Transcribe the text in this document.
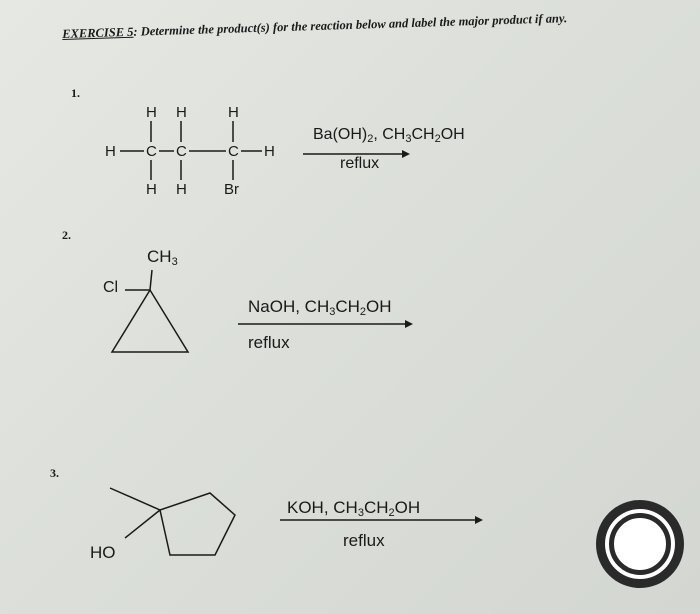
EXERCISE 5: Determine the product(s) for the reaction below and label the major product if any.
1.
H H	H
H C C	C H
H H Br
$Ba(OH)_2$, $CH_3CH_2OH$
reflux
2.
$CH_3$
Cl
NaOH, $CH_3CH_2OH$
reflux
3.
HO
KOH, $CH_3CH_2OH$
reflux
